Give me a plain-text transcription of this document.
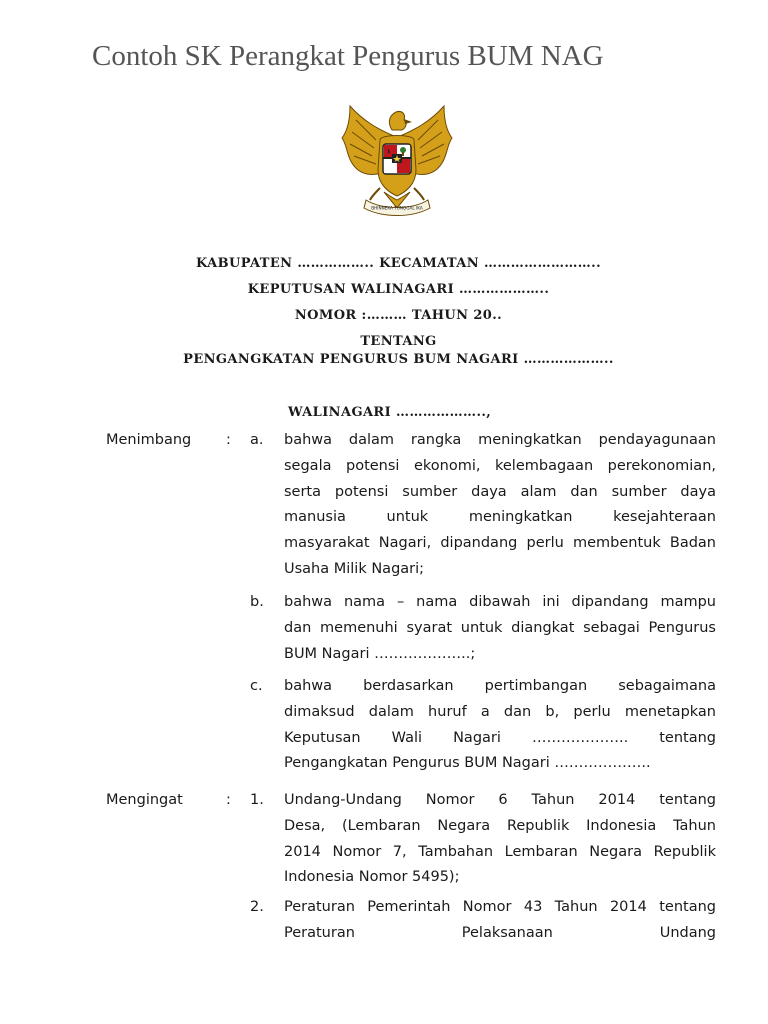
Contoh SK Perangkat Pengurus BUM NAG
BHINNEKA TUNGGAL IKA
KABUPATEN …………….. KECAMATAN ……………………..
KEPUTUSAN WALINAGARI ………………..
NOMOR :……… TAHUN 20..
TENTANG
PENGANGKATAN PENGURUS BUM NAGARI ………………..
WALINAGARI ………………..,
Menimbang : a. bahwa dalam rangka meningkatkan pendayagunaan
segala potensi ekonomi, kelembagaan perekonomian,
serta potensi sumber daya alam dan sumber daya
manusia untuk meningkatkan kesejahteraan
masyarakat Nagari, dipandang perlu membentuk Badan
Usaha Milik Nagari;
b. bahwa nama – nama dibawah ini dipandang mampu
dan memenuhi syarat untuk diangkat sebagai Pengurus
BUM Nagari ………………..;
c. bahwa berdasarkan pertimbangan sebagaimana
dimaksud dalam huruf a dan b, perlu menetapkan
Keputusan Wali Nagari ……………….. tentang
Pengangkatan Pengurus BUM Nagari ………………..
Mengingat	: 1. Undang-Undang Nomor 6 Tahun 2014 tentang
Desa, (Lembaran Negara Republik Indonesia Tahun
2014 Nomor 7, Tambahan Lembaran Negara Republik
Indonesia Nomor 5495);
2. Peraturan Pemerintah Nomor 43 Tahun 2014 tentang
Peraturan Pelaksanaan Undang
